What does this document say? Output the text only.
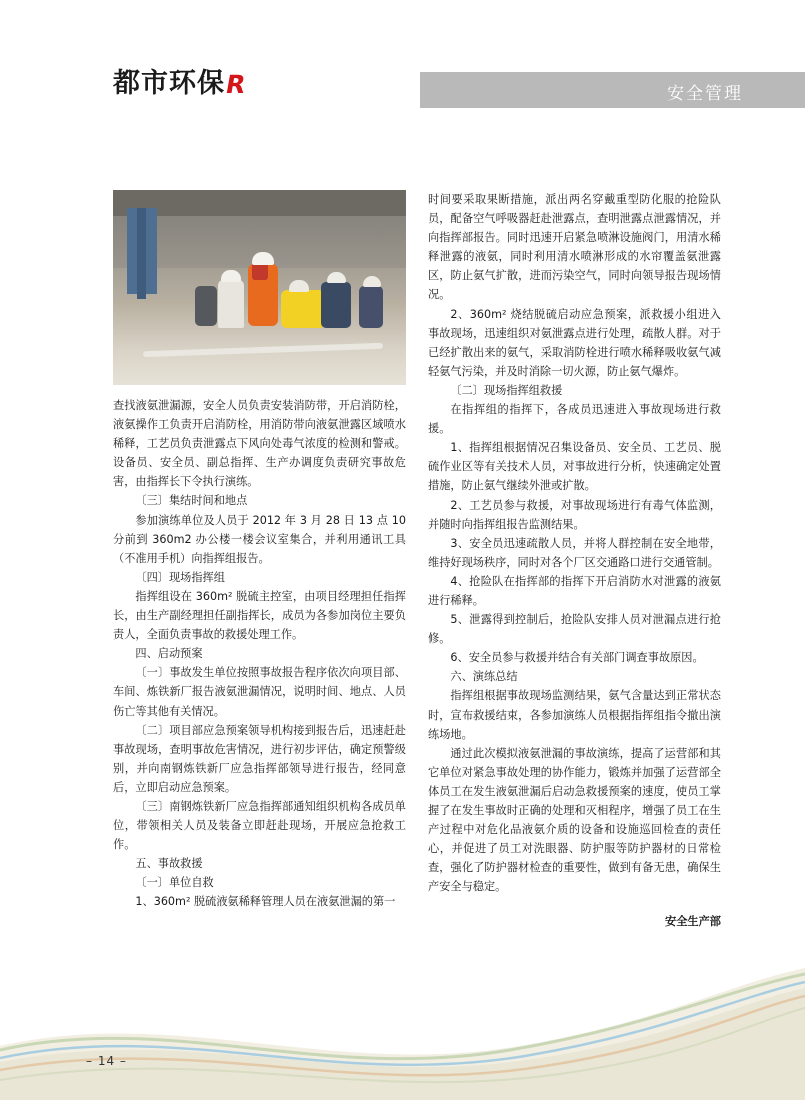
都市环保
R	安全管理

查找液氨泄漏源，安全人员负责安装消防带，开启消防栓，液氨操作工负责开启消防栓，用消防带向液氨泄露区域喷水稀释，工艺员负责泄露点下风向处毒气浓度的检测和警戒。设备员、安全员、副总指挥、生产办调度负责研究事故危害，由指挥长下令执行演练。

〔三〕集结时间和地点

参加演练单位及人员于 2012 年 3 月 28 日 13 点 10 分前到 360m2 办公楼一楼会议室集合，并利用通讯工具（不准用手机）向指挥组报告。

〔四〕现场指挥组

指挥组设在 360m² 脱硫主控室，由项目经理担任指挥长，由生产副经理担任副指挥长，成员为各参加岗位主要负责人，全面负责事故的救援处理工作。

四、启动预案

〔一〕事故发生单位按照事故报告程序依次向项目部、车间、炼铁新厂报告液氨泄漏情况，说明时间、地点、人员伤亡等其他有关情况。

〔二〕项目部应急预案领导机构接到报告后，迅速赶赴事故现场，查明事故危害情况，进行初步评估，确定预警级别，并向南钢炼铁新厂应急指挥部领导进行报告，经同意后，立即启动应急预案。

〔三〕南钢炼铁新厂应急指挥部通知组织机构各成员单位，带领相关人员及装备立即赶赴现场，开展应急抢救工作。

五、事故救援

〔一〕单位自救

1、360m² 脱硫液氨稀释管理人员在液氨泄漏的第一

时间要采取果断措施，派出两名穿戴重型防化服的抢险队员，配备空气呼吸器赶赴泄露点，查明泄露点泄露情况，并向指挥部报告。同时迅速开启紧急喷淋设施阀门，用清水稀释泄露的液氨，同时利用清水喷淋形成的水帘覆盖氨泄露区，防止氨气扩散，进而污染空气，同时向领导报告现场情况。

2、360m² 烧结脱硫启动应急预案，派救援小组进入事故现场，迅速组织对氨泄露点进行处理，疏散人群。对于已经扩散出来的氨气，采取消防栓进行喷水稀释吸收氨气减轻氨气污染，并及时消除一切火源，防止氨气爆炸。

〔二〕现场指挥组救援

在指挥组的指挥下，各成员迅速进入事故现场进行救援。

1、指挥组根据情况召集设备员、安全员、工艺员、脱硫作业区等有关技术人员，对事故进行分析，快速确定处置措施，防止氨气继续外泄或扩散。

2、工艺员参与救援，对事故现场进行有毒气体监测，并随时向指挥组报告监测结果。

3、安全员迅速疏散人员，并将人群控制在安全地带，维持好现场秩序，同时对各个厂区交通路口进行交通管制。

4、抢险队在指挥部的指挥下开启消防水对泄露的液氨进行稀释。

5、泄露得到控制后，抢险队安排人员对泄漏点进行抢修。

6、安全员参与救援并结合有关部门调查事故原因。

六、演练总结

指挥组根据事故现场监测结果，氨气含量达到正常状态时，宣布救援结束，各参加演练人员根据指挥组指令撤出演练场地。

通过此次模拟液氨泄漏的事故演练，提高了运营部和其它单位对紧急事故处理的协作能力，锻炼并加强了运营部全体员工在发生液氨泄漏后启动急救援预案的速度，使员工掌握了在发生事故时正确的处理和灭相程序，增强了员工在生产过程中对危化品液氨介质的设备和设施巡回检查的责任心，并促进了员工对洗眼器、防护服等防护器材的日常检查，强化了防护器材检查的重要性，做到有备无患，确保生产安全与稳定。

安全生产部
– 14 –
